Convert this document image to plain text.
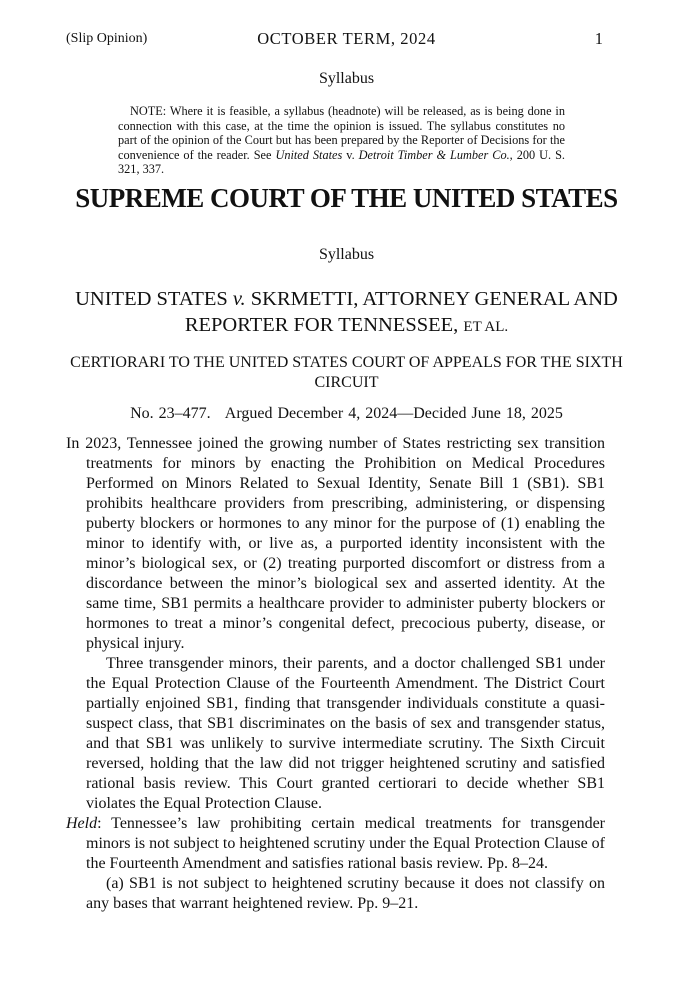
(Slip Opinion)	OCTOBER TERM, 2024	1
Syllabus
NOTE: Where it is feasible, a syllabus (headnote) will be released, as is being done in connection with this case, at the time the opinion is issued. The syllabus constitutes no part of the opinion of the Court but has been prepared by the Reporter of Decisions for the convenience of the reader. See United States v. Detroit Timber & Lumber Co., 200 U. S. 321, 337.
SUPREME COURT OF THE UNITED STATES
Syllabus
UNITED STATES v. SKRMETTI, ATTORNEY GENERAL AND REPORTER FOR TENNESSEE, ET AL.
CERTIORARI TO THE UNITED STATES COURT OF APPEALS FOR THE SIXTH CIRCUIT
No. 23–477.   Argued December 4, 2024—Decided June 18, 2025

In 2023, Tennessee joined the growing number of States restricting sex transition treatments for minors by enacting the Prohibition on Medical Procedures Performed on Minors Related to Sexual Identity, Senate Bill 1 (SB1). SB1 prohibits healthcare providers from prescribing, administering, or dispensing puberty blockers or hormones to any minor for the purpose of (1) enabling the minor to identify with, or live as, a purported identity inconsistent with the minor’s biological sex, or (2) treating purported discomfort or distress from a discordance between the minor’s biological sex and asserted identity. At the same time, SB1 permits a healthcare provider to administer puberty blockers or hormones to treat a minor’s congenital defect, precocious puberty, disease, or physical injury.

Three transgender minors, their parents, and a doctor challenged SB1 under the Equal Protection Clause of the Fourteenth Amendment. The District Court partially enjoined SB1, finding that transgender individuals constitute a quasi-suspect class, that SB1 discriminates on the basis of sex and transgender status, and that SB1 was unlikely to survive intermediate scrutiny. The Sixth Circuit reversed, holding that the law did not trigger heightened scrutiny and satisfied rational basis review. This Court granted certiorari to decide whether SB1 violates the Equal Protection Clause.

Held: Tennessee’s law prohibiting certain medical treatments for transgender minors is not subject to heightened scrutiny under the Equal Protection Clause of the Fourteenth Amendment and satisfies rational basis review. Pp. 8–24.

(a) SB1 is not subject to heightened scrutiny because it does not classify on any bases that warrant heightened review. Pp. 9–21.
